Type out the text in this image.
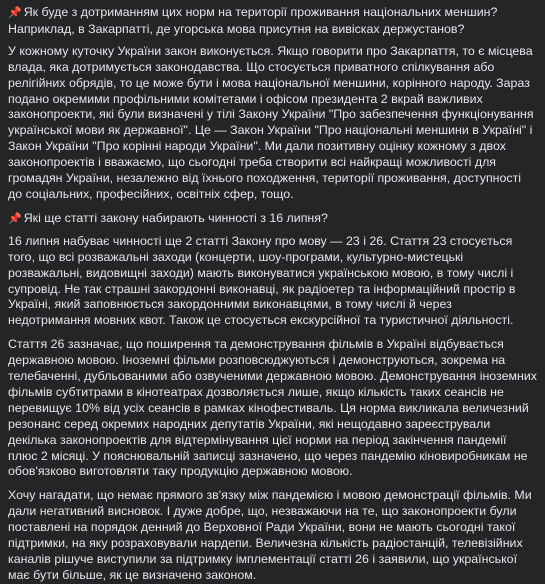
📌 Як буде з дотриманням цих норм на території проживання національних меншин? Наприклад, в Закарпатті, де угорська мова присутня на вивісках держустанов?

У кожному куточку України закон виконується. Якщо говорити про Закарпаття, то є місцева влада, яка дотримується законодавства. Що стосується приватного спілкування або релігійних обрядів, то це може бути і мова національної меншини, корінного народу. Зараз подано окремими профільними комітетами і офісом президента 2 вкрай важливих законопроекти, які були визначені у тілі Закону України "Про забезпечення функціонування української мови як державної". Це — Закон України "Про національні меншини в Україні" і Закон України "Про корінні народи України". Ми дали позитивну оцінку кожному з двох законопроектів і вважаємо, що сьогодні треба створити всі найкращі можливості для громадян України, незалежно від їхнього походження, території проживання, доступності до соціальних, професійних, освітніх сфер, тощо.

📌 Які ще статті закону набирають чинності з 16 липня?

16 липня набуває чинності ще 2 статті Закону про мову — 23 і 26. Стаття 23 стосується того, що всі розважальні заходи (концерти, шоу-програми, культурно-мистецькі розважальні, видовищні заходи) мають виконуватися українською мовою, в тому числі і супровід. Не так страшні закордонні виконавці, як радіоетер та інформаційний простір в Україні, який заповнюється закордонними виконавцями, в тому числі й через недотримання мовних квот. Також це стосується екскурсійної та туристичної діяльності.

Стаття 26 зазначає, що поширення та демонстрування фільмів в Україні відбувається державною мовою. Іноземні фільми розповсюджуються і демонструються, зокрема на телебаченні, дубльованими або озвученими державною мовою. Демонстрування іноземних фільмів субтитрами в кінотеатрах дозволяється лише, якщо кількість таких сеансів не перевищує 10% від усіх сеансів в рамках кінофестиваль. Ця норма викликала величезний резонанс серед окремих народних депутатів України, які нещодавно зареєстрували декілька законопроектів для відтермінування цієї норми на період закінчення пандемії плюс 2 місяці. У пояснювальній записці зазначено, що через пандемію кіновиробникам не обов'язково виготовляти таку продукцію державною мовою.

Хочу нагадати, що немає прямого зв'язку між пандемією і мовою демонстрації фільмів. Ми дали негативний висновок. І дуже добре, що, незважаючи на те, що законопроекти були поставлені на порядок денний до Верховної Ради України, вони не мають сьогодні такої підтримки, на яку розраховували нардепи. Величезна кількість радіостанцій, телевізійних каналів рішуче виступили за підтримку імплементації статті 26 і заявили, що української має бути більше, як це визначено законом.
